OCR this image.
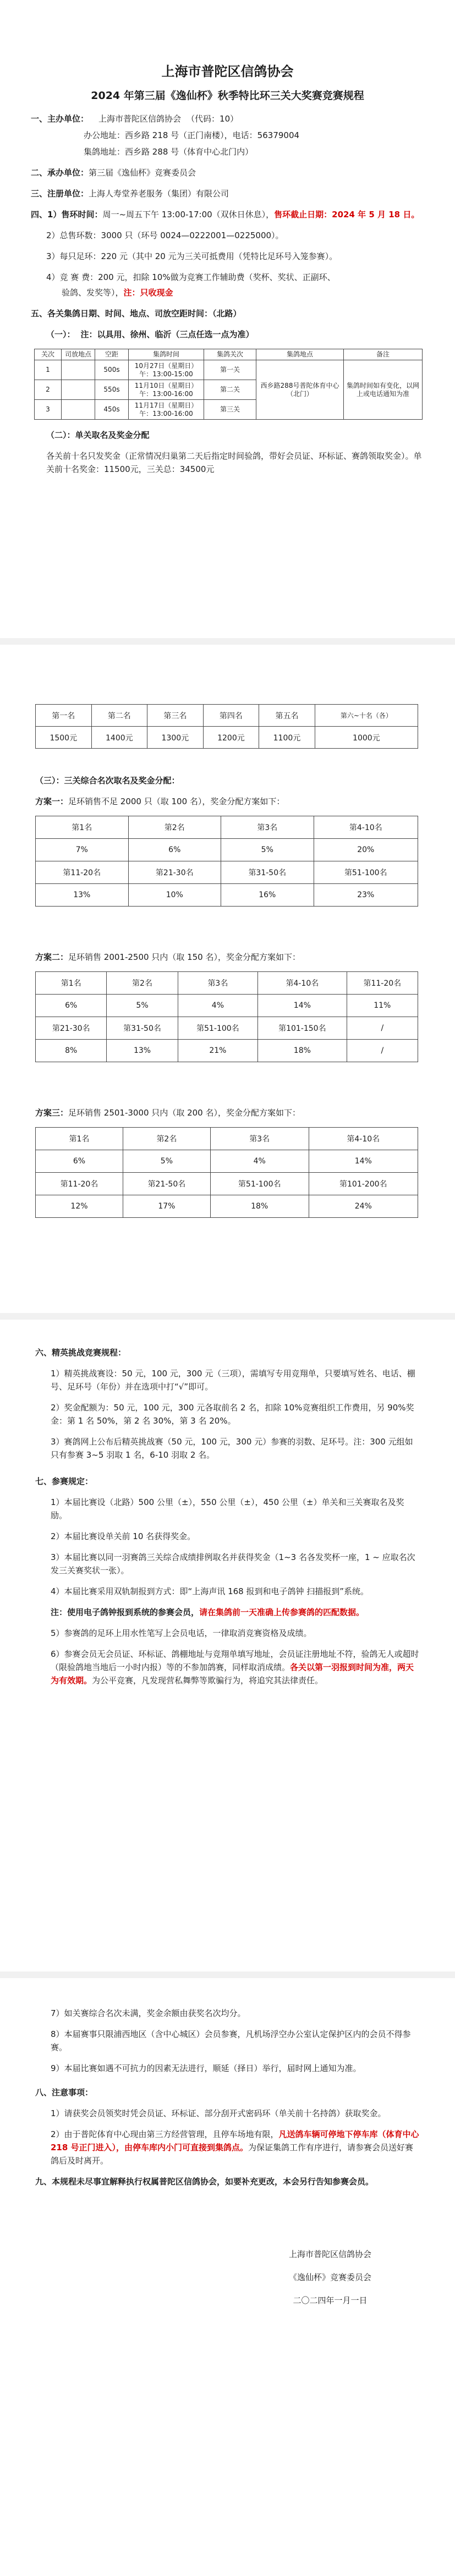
上海市普陀区信鸽协会
2024 年第三届《逸仙杯》秋季特比环三关大奖赛竞赛规程
一、主办单位： 上海市普陀区信鸽协会 （代码：10）
办公地址：西乡路 218 号（正门南楼），电话：56379004
集鸽地址：西乡路 288 号（体育中心北门内）
二、承办单位：第三届《逸仙杯》竞赛委员会
三、注册单位：上海人寿堂养老服务（集团）有限公司
四、1）售环时间：周一~周五下午 13:00-17:00（双休日休息），售环截止日期：2024 年 5 月 18 日。
2）总售环数：3000 只（环号 0024—0222001—0225000）。
3）每只足环：220 元（其中 20 元为三关可抵费用（凭特比足环号入笼参赛）。
4）竞 赛 费：200 元，扣除 10%做为竞赛工作辅助费（奖杯、奖状、正副环、
验鸽、发奖等），注：只收现金
五、各关集鸽日期、时间、地点、司放空距时间：（北路）
（一）： 注：以具用、徐州、临沂（三点任选一点为准）
关次	司放地点	空距	集鸽时间	集鸽关次	集鸽地点	备注
1		500s	10月27日（星期日）午：13:00-15:00	第一关	西乡路288号普陀体育中心（北门）	集鸽时间如有变化，以网上或电话通知为准
2		550s	11月10日（星期日）午：13:00-16:00	第二关		
3		450s	11月17日（星期日）午：13:00-16:00	第三关		
（二）：单关取名及奖金分配
各关前十名只发奖金（正常情况归巢第二天后指定时间验鸽，带好会员证、环标证、赛鸽领取奖金）。单关前十名奖金：11500元，三关总：34500元
第一名	第二名	第三名	第四名	第五名	第六~十名（各）
1500元	1400元	1300元	1200元	1100元	1000元
（三）：三关综合名次取名及奖金分配：
方案一：足环销售不足 2000 只（取 100 名），奖金分配方案如下：
第1名	第2名	第3名	第4-10名
7%	6%	5%	20%
第11-20名	第21-30名	第31-50名	第51-100名
13%	10%	16%	23%
方案二：足环销售 2001-2500 只内（取 150 名），奖金分配方案如下：
第1名	第2名	第3名	第4-10名	第11-20名
6%	5%	4%	14%	11%
第21-30名	第31-50名	第51-100名	第101-150名	/
8%	13%	21%	18%	/
方案三：足环销售 2501-3000 只内（取 200 名），奖金分配方案如下：
第1名	第2名	第3名	第4-10名
6%	5%	4%	14%
第11-20名	第21-50名	第51-100名	第101-200名
12%	17%	18%	24%
六、精英挑战竞赛规程：
1）精英挑战赛设：50 元，100 元，300 元（三项），需填写专用竞翔单，只要填写姓名、电话、棚号、足环号（年份）并在选项中打“√”即可。
2）奖金配额为：50 元，100 元，300 元各取前名 2 名，扣除 10%竞赛组织工作费用，另 90%奖金：第 1 名 50%，第 2 名 30%，第 3 名 20%。
3）赛鸽网上公布后精英挑战赛（50 元，100 元，300 元）参赛的羽数、足环号。注：300 元组如只有参赛 3~5 羽取 1 名，6-10 羽取 2 名。
七、参赛规定：
1）本届比赛设（北路）500 公里（±），550 公里（±），450 公里（±）单关和三关赛取名及奖励。
2）本届比赛设单关前 10 名获得奖金。
3）本届比赛以同一羽赛鸽三关综合成绩排例取名并获得奖金（1~3 名各发奖杯一座，1 ~ 应取名次发三关赛奖状一张）。
4）本届比赛采用双轨制报到方式：即“上海声讯 168 报到和电子鸽钟 扫描报到”系统。
注：使用电子鸽钟报到系统的参赛会员，请在集鸽前一天准确上传参赛鸽的匹配数据。
5）参赛鸽的足环上用水性笔写上会员电话，一律取消竞赛资格及成绩。
6）参赛会员无会员证、环标证、鸽棚地址与竞翔单填写地址，会员证注册地址不符，验鸽无人或超时（限验鸽地当地后一小时内报）等的不参加鸽赛，同样取消成绩。各关以第一羽报到时间为准，两天为有效期。为公平竞赛，凡发现营私舞弊等欺骗行为，将追究其法律责任。
7）如关赛综合名次未满，奖金余额由获奖名次均分。
8）本届赛事只限浦西地区（含中心城区）会员参赛，凡机场浮空办公室认定保护区内的会员不得参赛。
9）本届比赛如遇不可抗力的因素无法进行，顺延（择日）举行，届时网上通知为准。
八、注意事项：
1）请获奖会员领奖时凭会员证、环标证、部分刮开式密码环（单关前十名持鸽）获取奖金。
2）由于普陀体育中心现由第三方经营管理，且停车场地有限，凡送鸽车辆可停地下停车库（体育中心 218 号正门进入），由停车库内小门可直接到集鸽点。为保证集鸽工作有序进行，请参赛会员送好赛鸽后及时离开。
九、本规程未尽事宜解释执行权属普陀区信鸽协会，如要补充更改，本会另行告知参赛会员。
上海市普陀区信鸽协会
《逸仙杯》竞赛委员会
二〇二四年一月一日
